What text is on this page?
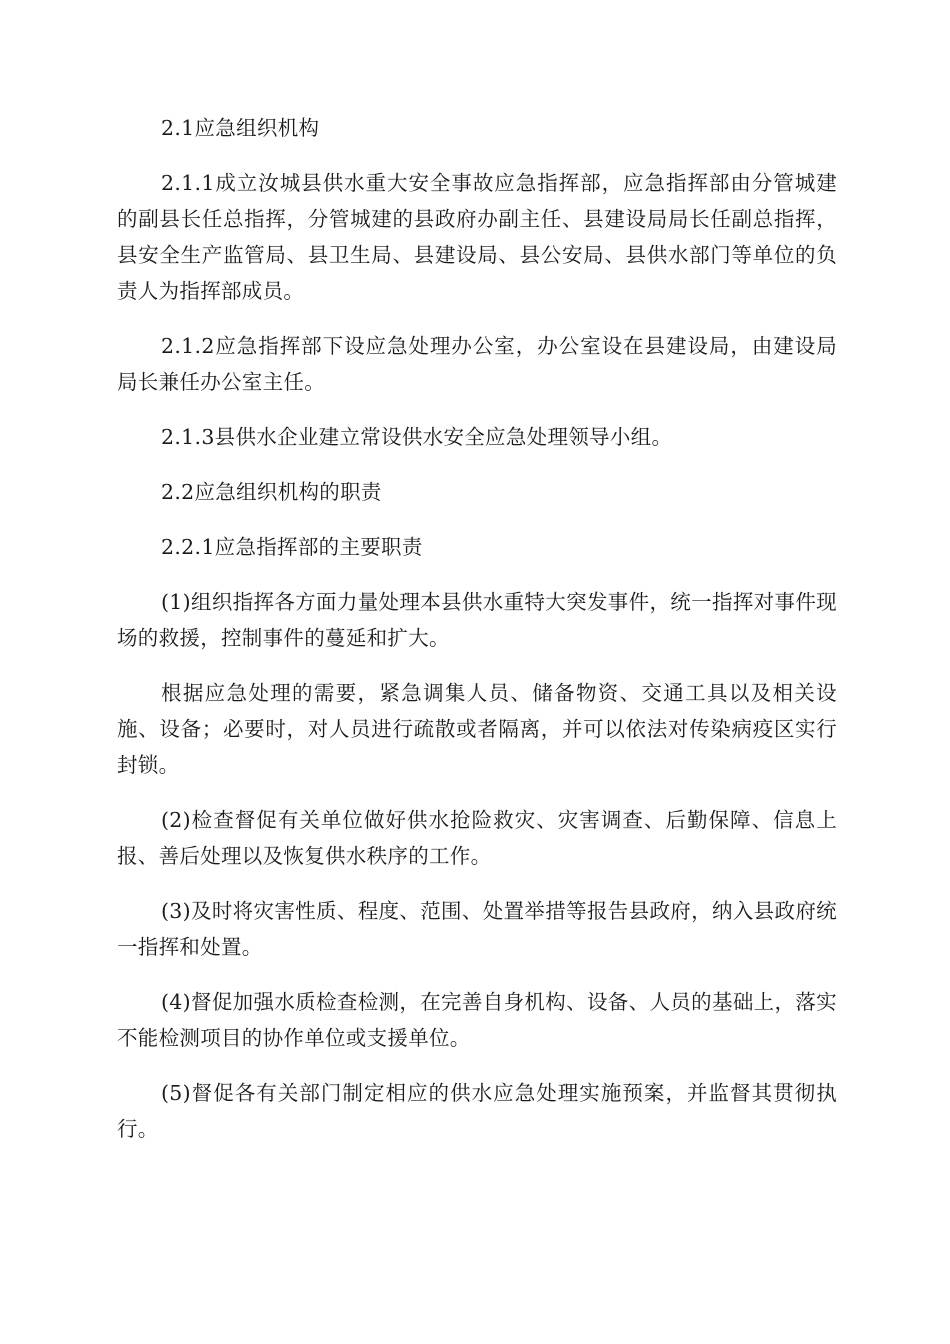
2.1应急组织机构

2.1.1成立汝城县供水重大安全事故应急指挥部，应急指挥部由分管城建的副县长任总指挥，分管城建的县政府办副主任、县建设局局长任副总指挥，县安全生产监管局、县卫生局、县建设局、县公安局、县供水部门等单位的负责人为指挥部成员。

2.1.2应急指挥部下设应急处理办公室，办公室设在县建设局，由建设局局长兼任办公室主任。

2.1.3县供水企业建立常设供水安全应急处理领导小组。

2.2应急组织机构的职责

2.2.1应急指挥部的主要职责

(1)组织指挥各方面力量处理本县供水重特大突发事件，统一指挥对事件现场的救援，控制事件的蔓延和扩大。

根据应急处理的需要，紧急调集人员、储备物资、交通工具以及相关设施、设备；必要时，对人员进行疏散或者隔离，并可以依法对传染病疫区实行封锁。

(2)检查督促有关单位做好供水抢险救灾、灾害调查、后勤保障、信息上报、善后处理以及恢复供水秩序的工作。

(3)及时将灾害性质、程度、范围、处置举措等报告县政府，纳入县政府统一指挥和处置。

(4)督促加强水质检查检测，在完善自身机构、设备、人员的基础上，落实不能检测项目的协作单位或支援单位。

(5)督促各有关部门制定相应的供水应急处理实施预案，并监督其贯彻执行。
